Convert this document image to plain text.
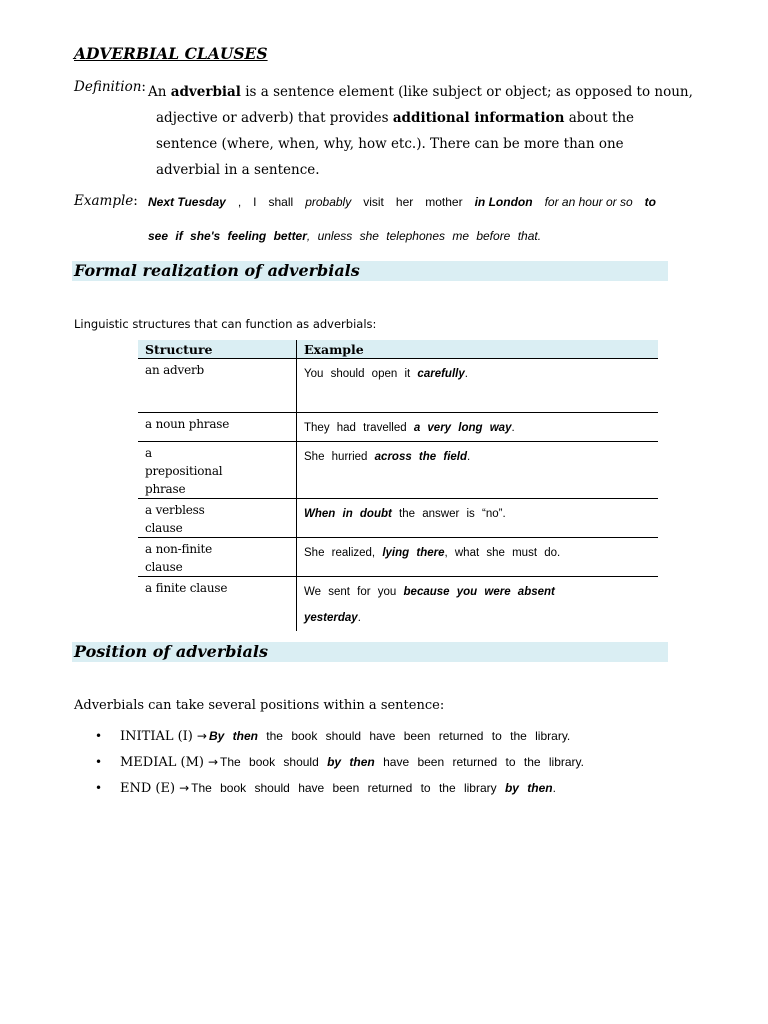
ADVERBIAL CLAUSES
Definition: An adverbial is a sentence element (like subject or object; as opposed to noun,
adjective or adverb) that provides additional information about the
sentence (where, when, why, how etc.). There can be more than one
adverbial in a sentence.
Example: Next Tuesday , I shall probably visit her mother in London for an hour or so to
see if she's feeling better, unless she telephones me before that.
Formal realization of adverbials
Linguistic structures that can function as adverbials:
Structure	Example
an adverb	You should open it carefully.
a noun phrase	They had travelled a very long way.

a prepositional phrase	She hurried across the field.

a verbless clause	When in doubt the answer is “no”.

a non-finite clause	She realized, lying there, what she must do.
a finite clause	We sent for you because you were absent yesterday.
Position of adverbials
Adverbials can take several positions within a sentence:
•	INITIAL (I) → By then the book should have been returned to the library.
•	MEDIAL (M) → The book should by then have been returned to the library.
•	END (E) → The book should have been returned to the library by then.
